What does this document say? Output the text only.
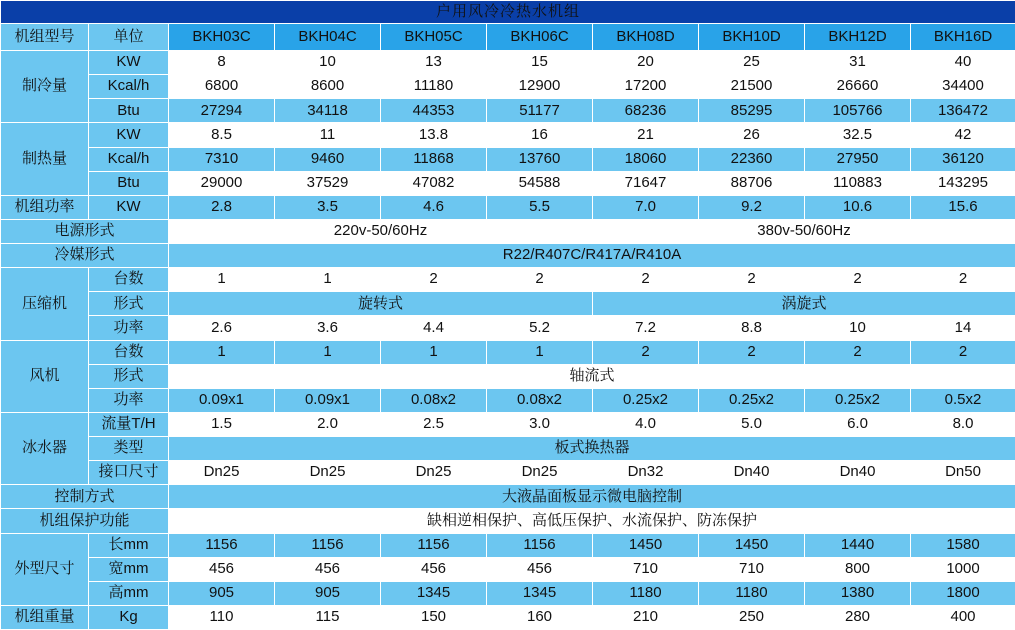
户用风冷冷热水机组									
机组型号	单位	BKH03C	BKH04C	BKH05C	BKH06C	BKH08D	BKH10D	BKH12D	BKH16D
制冷量	KW	8	10	13	15	20	25	31	40
	Kcal/h	6800	8600	11180	12900	17200	21500	26660	34400
	Btu	27294	34118	44353	51177	68236	85295	105766	136472
制热量	KW	8.5	11	13.8	16	21	26	32.5	42
	Kcal/h	7310	9460	11868	13760	18060	22360	27950	36120
	Btu	29000	37529	47082	54588	71647	88706	110883	143295
机组功率	KW	2.8	3.5	4.6	5.5	7.0	9.2	10.6	15.6
电源形式		220v-50/60Hz				380v-50/60Hz			
冷媒形式		R22/R407C/R417A/R410A							
压缩机	台数	1	1	2	2	2	2	2	2
	形式	旋转式				涡旋式			
	功率	2.6	3.6	4.4	5.2	7.2	8.8	10	14
风机	台数	1	1	1	1	2	2	2	2
	形式	轴流式							
	功率	0.09x1	0.09x1	0.08x2	0.08x2	0.25x2	0.25x2	0.25x2	0.5x2
冰水器	流量T/H	1.5	2.0	2.5	3.0	4.0	5.0	6.0	8.0
	类型	板式换热器							
	接口尺寸	Dn25	Dn25	Dn25	Dn25	Dn32	Dn40	Dn40	Dn50
控制方式		大液晶面板显示微电脑控制							
机组保护功能		缺相逆相保护、高低压保护、水流保护、防冻保护							
外型尺寸	长mm	1156	1156	1156	1156	1450	1450	1440	1580
	宽mm	456	456	456	456	710	710	800	1000
	高mm	905	905	1345	1345	1180	1180	1380	1800
机组重量	Kg	110	115	150	160	210	250	280	400
